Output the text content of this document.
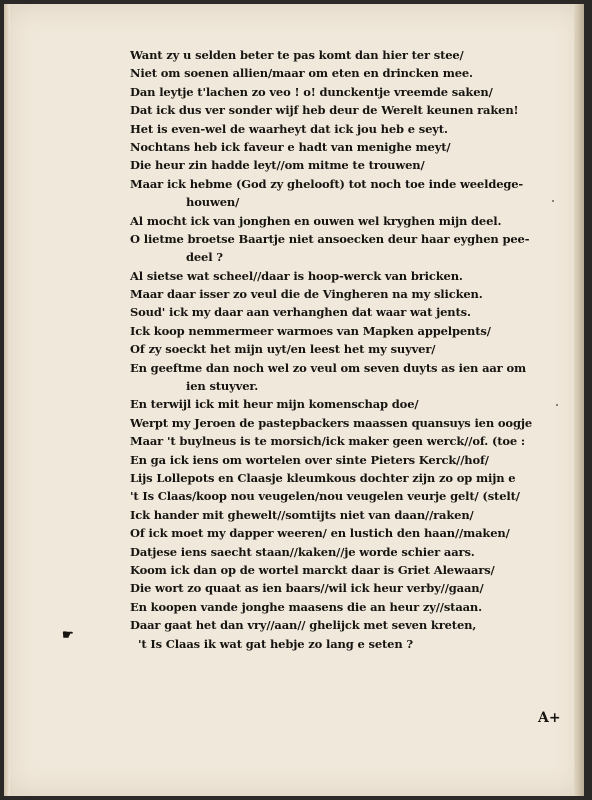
Want zy u selden beter te pas komt dan hier ter stee/
Niet om soenen allien/maar om eten en drincken mee.
Dan leytje t'lachen zo veo ! o! dunckentje vreemde saken/
Dat ick dus ver sonder wijf heb deur de Werelt keunen raken!
Het is even-wel de waarheyt dat ick jou heb e seyt.
Nochtans heb ick faveur e hadt van menighe meyt/
Die heur zin hadde leyt//om mitme te trouwen/
Maar ick hebme (God zy ghelooft) tot noch toe inde weeldege-
houwen/
Al mocht ick van jonghen en ouwen wel kryghen mijn deel.
O lietme broetse Baartje niet ansoecken deur haar eyghen pee-
deel ?
Al sietse wat scheel//daar is hoop-werck van bricken.
Maar daar isser zo veul die de Vingheren na my slicken.
Soud' ick my daar aan verhanghen dat waar wat jents.
Ick koop nemmermeer warmoes van Mapken appelpents/
Of zy soeckt het mijn uyt/en leest het my suyver/
En geeftme dan noch wel zo veul om seven duyts as ien aar om
ien stuyver.
En terwijl ick mit heur mijn komenschap doe/
Werpt my Jeroen de pastepbackers maassen quansuys ien oogje
Maar 't buylneus is te morsich/ick maker geen werck//of. (toe :
En ga ick iens om wortelen over sinte Pieters Kerck//hof/
Lijs Lollepots en Claasje kleumkous dochter zijn zo op mijn e
't Is Claas/koop nou veugelen/nou veugelen veurje gelt/ (stelt/
Ick hander mit ghewelt//somtijts niet van daan//raken/
Of ick moet my dapper weeren/ en lustich den haan//maken/
Datjese iens saecht staan//kaken//je worde schier aars.
Koom ick dan op de wortel marckt daar is Griet Alewaars/
Die wort zo quaat as ien baars//wil ick heur verby//gaan/
En koopen vande jonghe maasens die an heur zy//staan.
Daar gaat het dan vry//aan// ghelijck met seven kreten,
't Is Claas ik wat gat hebje zo lang e seten ?
☛
A+
